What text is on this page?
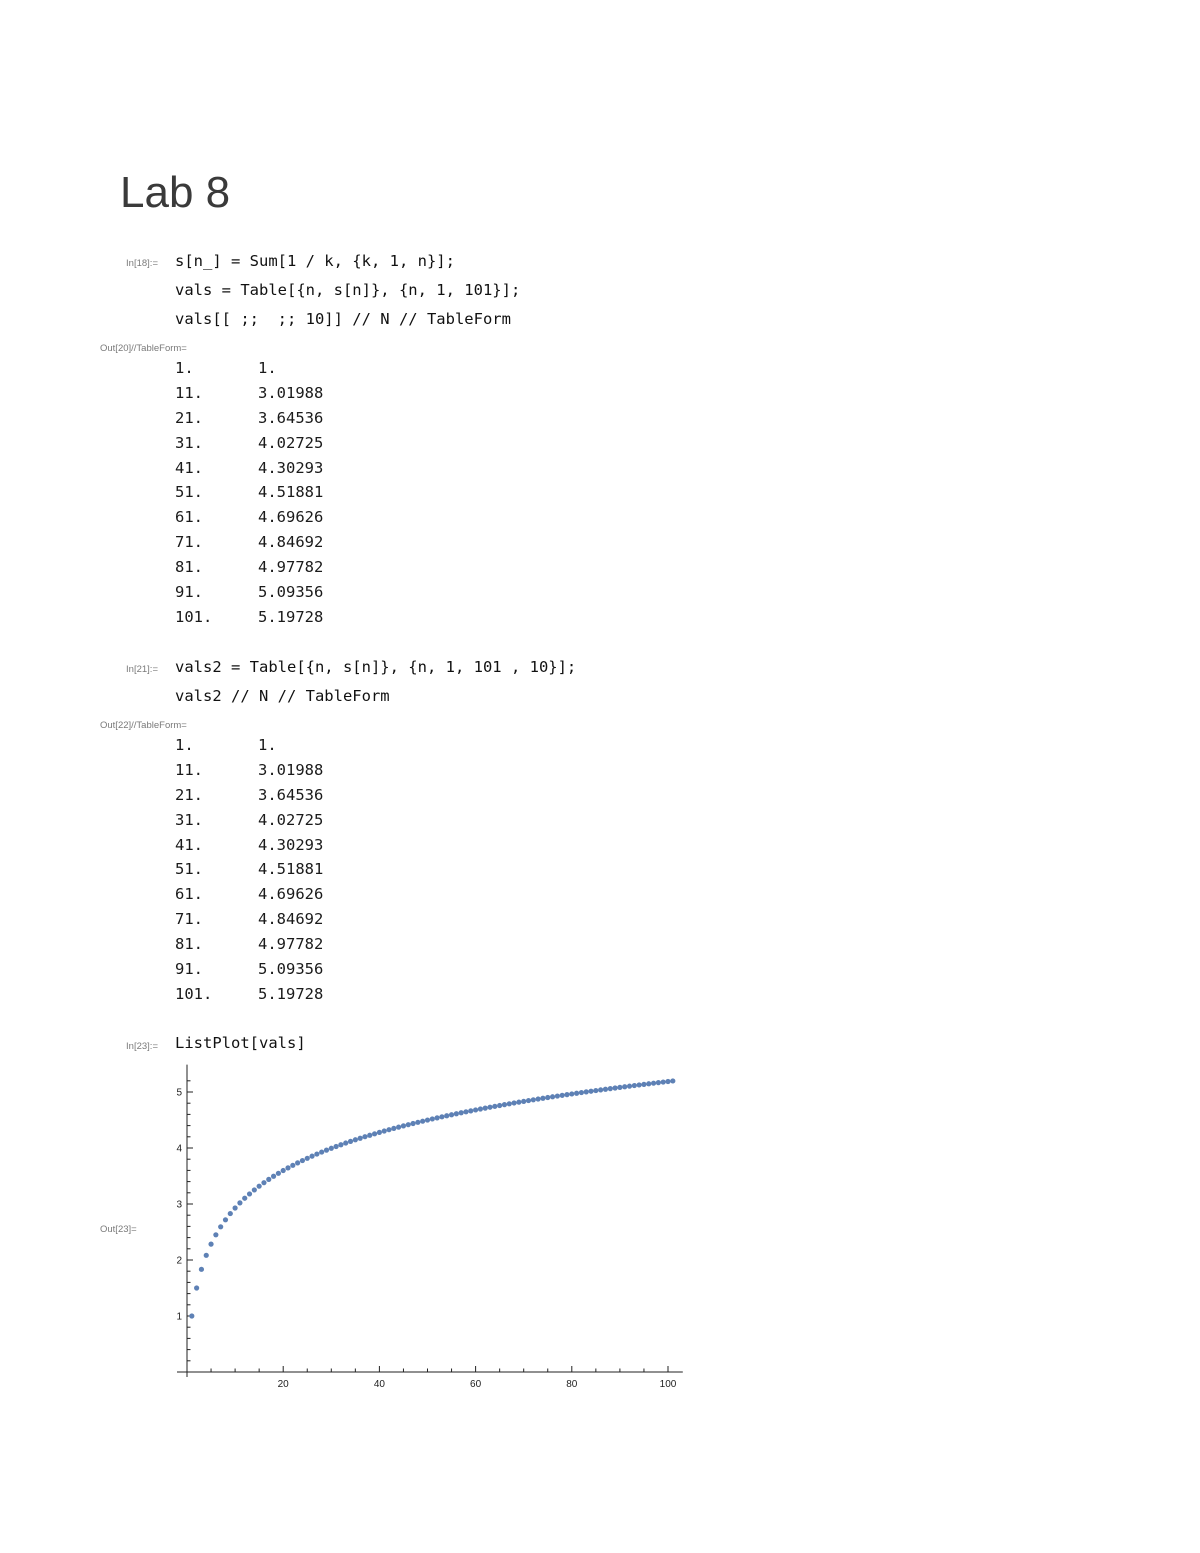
Lab 8
In[18]:= s[n_] = Sum[1 / k, {k, 1, n}];
vals = Table[{n, s[n]}, {n, 1, 101}];
vals[[ ;;  ;; 10]] // N // TableForm
Out[20]//TableForm=
1.	1.
11.	3.01988
21.	3.64536
31.	4.02725
41.	4.30293
51.	4.51881
61.	4.69626
71.	4.84692
81.	4.97782
91.	5.09356
101.	5.19728
In[21]:= vals2 = Table[{n, s[n]}, {n, 1, 101 , 10}];
vals2 // N // TableForm
Out[22]//TableForm=
1.	1.
11.	3.01988
21.	3.64536
31.	4.02725
41.	4.30293
51.	4.51881
61.	4.69626
71.	4.84692
81.	4.97782
91.	5.09356
101.	5.19728
In[23]:= ListPlot[vals]
Out[23]=
20	40	60	80	100
1
2
3
4
5
